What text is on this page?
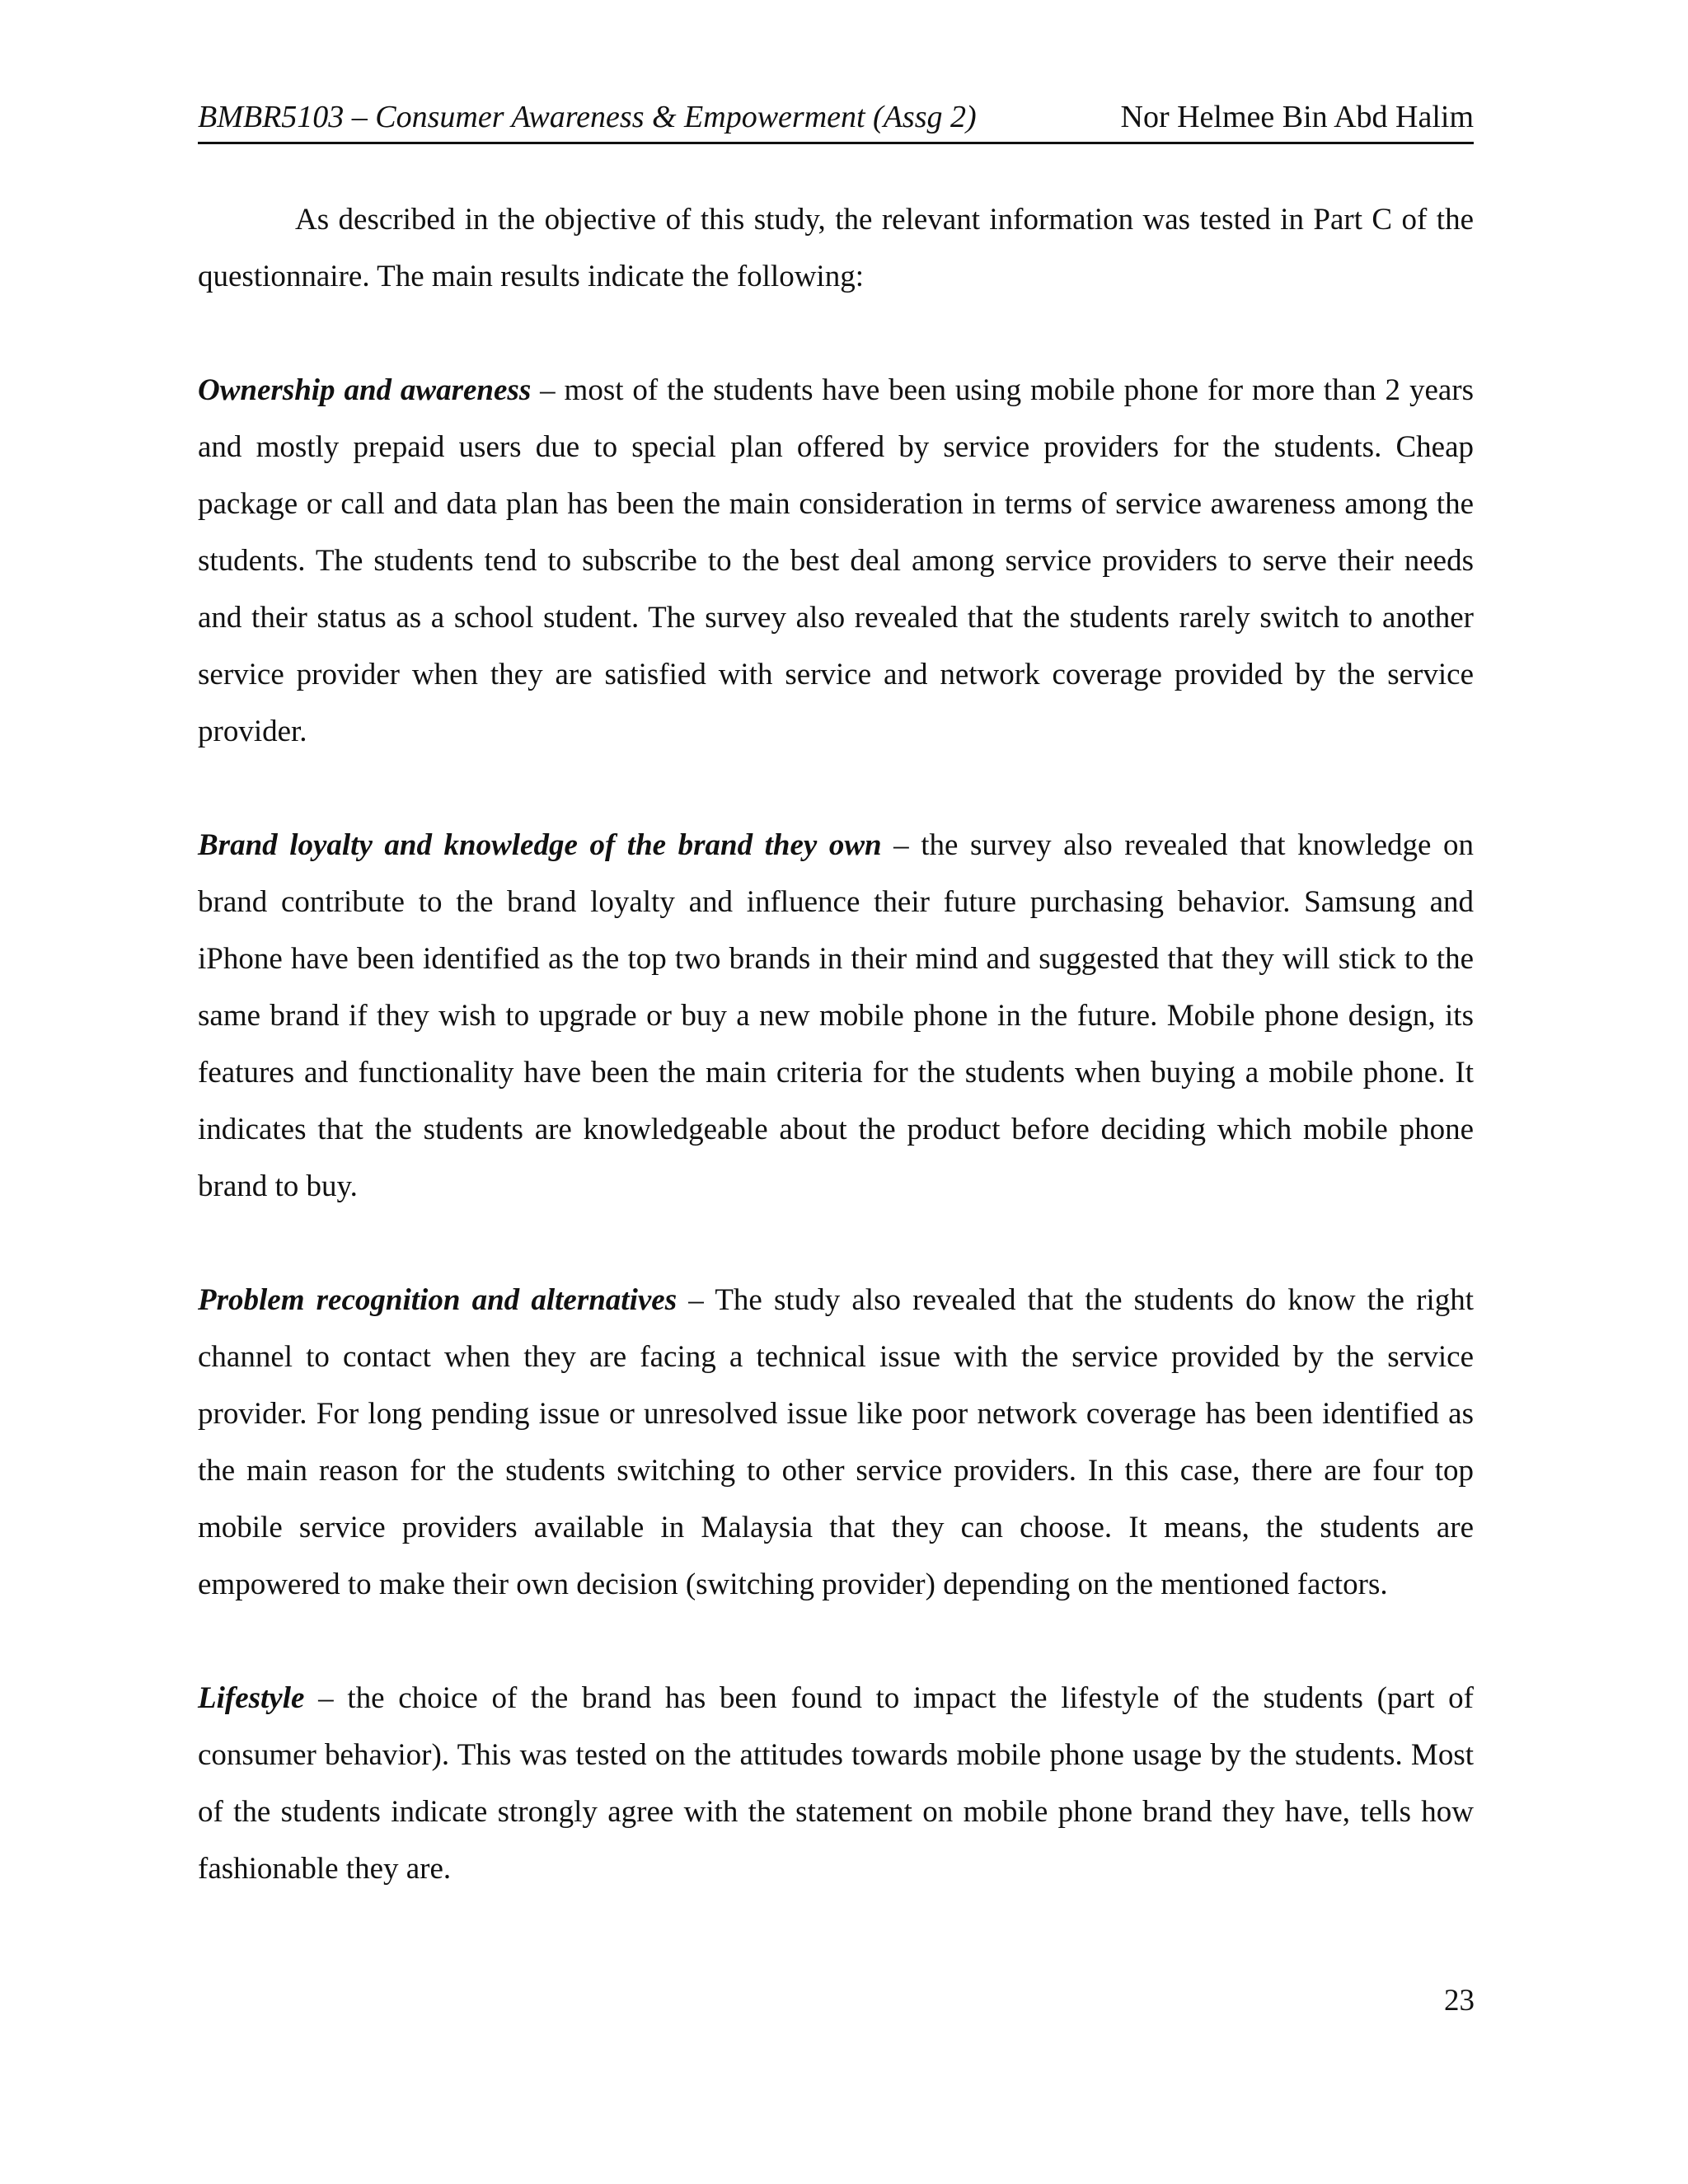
BMBR5103 – Consumer Awareness & Empowerment (Assg 2)	Nor Helmee Bin Abd Halim

As described in the objective of this study, the relevant information was tested in Part C of the questionnaire. The main results indicate the following:

Ownership and awareness – most of the students have been using mobile phone for more than 2 years and mostly prepaid users due to special plan offered by service providers for the students. Cheap package or call and data plan has been the main consideration in terms of service awareness among the students. The students tend to subscribe to the best deal among service providers to serve their needs and their status as a school student. The survey also revealed that the students rarely switch to another service provider when they are satisfied with service and network coverage provided by the service provider.

Brand loyalty and knowledge of the brand they own – the survey also revealed that knowledge on brand contribute to the brand loyalty and influence their future purchasing behavior. Samsung and iPhone have been identified as the top two brands in their mind and suggested that they will stick to the same brand if they wish to upgrade or buy a new mobile phone in the future. Mobile phone design, its features and functionality have been the main criteria for the students when buying a mobile phone. It indicates that the students are knowledgeable about the product before deciding which mobile phone brand to buy.

Problem recognition and alternatives – The study also revealed that the students do know the right channel to contact when they are facing a technical issue with the service provided by the service provider. For long pending issue or unresolved issue like poor network coverage has been identified as the main reason for the students switching to other service providers. In this case, there are four top mobile service providers available in Malaysia that they can choose. It means, the students are empowered to make their own decision (switching provider) depending on the mentioned factors.

Lifestyle – the choice of the brand has been found to impact the lifestyle of the students (part of consumer behavior). This was tested on the attitudes towards mobile phone usage by the students. Most of the students indicate strongly agree with the statement on mobile phone brand they have, tells how fashionable they are.

23
